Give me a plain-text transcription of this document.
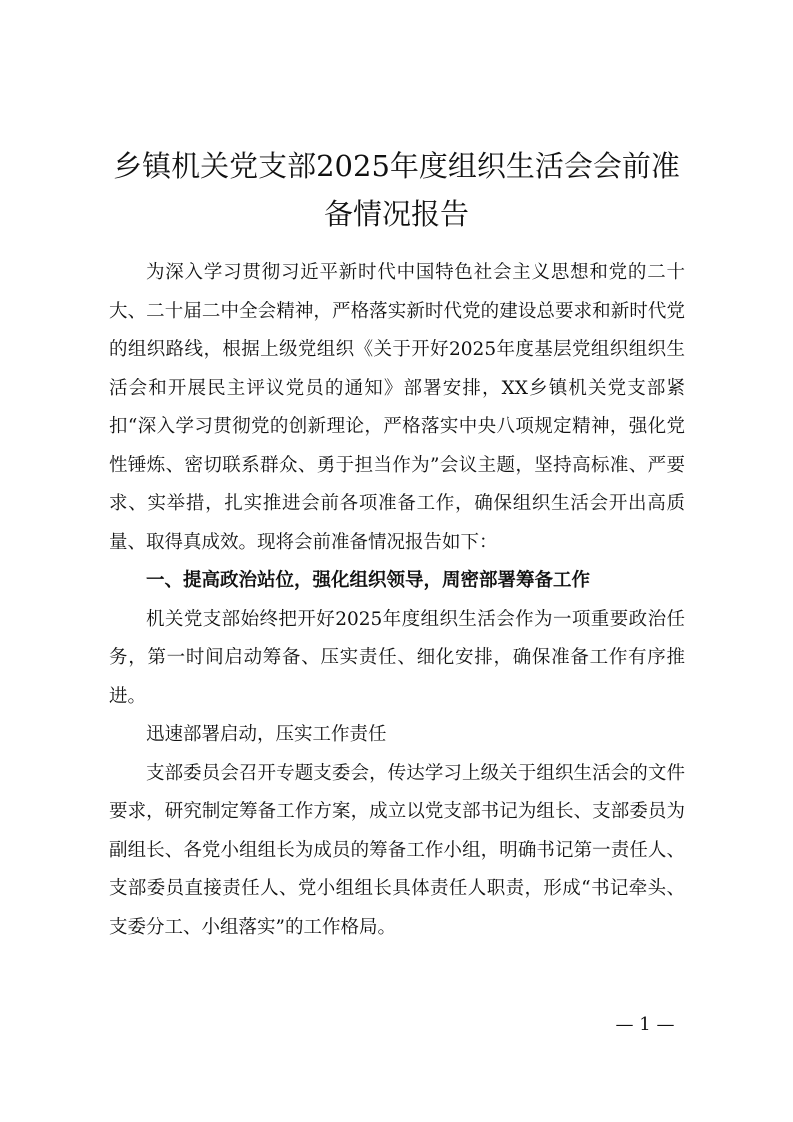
乡镇机关党支部2025年度组织生活会会前准
备情况报告

为深入学习贯彻习近平新时代中国特色社会主义思想和党的二十大、二十届二中全会精神，严格落实新时代党的建设总要求和新时代党的组织路线，根据上级党组织《关于开好2025年度基层党组织组织生活会和开展民主评议党员的通知》部署安排，XX乡镇机关党支部紧扣“深入学习贯彻党的创新理论，严格落实中央八项规定精神，强化党性锤炼、密切联系群众、勇于担当作为”会议主题，坚持高标准、严要求、实举措，扎实推进会前各项准备工作，确保组织生活会开出高质量、取得真成效。现将会前准备情况报告如下：

一、提高政治站位，强化组织领导，周密部署筹备工作

机关党支部始终把开好2025年度组织生活会作为一项重要政治任务，第一时间启动筹备、压实责任、细化安排，确保准备工作有序推进。

迅速部署启动，压实工作责任

支部委员会召开专题支委会，传达学习上级关于组织生活会的文件要求，研究制定筹备工作方案，成立以党支部书记为组长、支部委员为副组长、各党小组组长为成员的筹备工作小组，明确书记第一责任人、支部委员直接责任人、党小组组长具体责任人职责，形成“书记牵头、支委分工、小组落实”的工作格局。

— 1 —
